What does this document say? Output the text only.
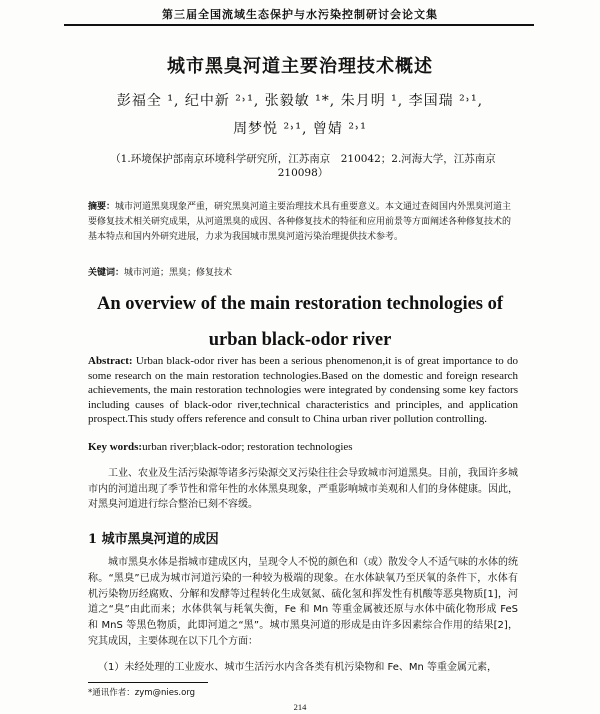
第三届全国流域生态保护与水污染控制研讨会论文集
城市黑臭河道主要治理技术概述
彭福全 ¹, 纪中新 ²˒¹, 张毅敏 ¹*, 朱月明 ¹, 李国瑞 ²˒¹,
周梦悦 ²˒¹, 曾婧 ²˒¹
（1.环境保护部南京环境科学研究所，江苏南京　210042；2.河海大学，江苏南京　210098）
摘要：城市河道黑臭现象严重，研究黑臭河道主要治理技术具有重要意义。本文通过查阅国内外黑臭河道主要修复技术相关研究成果，从河道黑臭的成因、各种修复技术的特征和应用前景等方面阐述各种修复技术的基本特点和国内外研究进展，力求为我国城市黑臭河道污染治理提供技术参考。
关键词：城市河道；黑臭；修复技术
An overview of the main restoration technologies of
urban black-odor river
Abstract: Urban black-odor river has been a serious phenomenon,it is of great importance to do some research on the main restoration technologies.Based on the domestic and foreign research achievements, the main restoration technologies were integrated by condensing some key factors including causes of black-odor river,technical characteristics and principles, and application prospect.This study offers reference and consult to China urban river pollution controlling.
Key words:urban river;black-odor; restoration technologies
工业、农业及生活污染源等诸多污染源交叉污染往往会导致城市河道黑臭。目前，我国许多城市内的河道出现了季节性和常年性的水体黑臭现象，严重影响城市美观和人们的身体健康。因此，对黑臭河道进行综合整治已刻不容缓。
1 城市黑臭河道的成因
城市黑臭水体是指城市建成区内，呈现令人不悦的颜色和（或）散发令人不适气味的水体的统称。“黑臭”已成为城市河道污染的一种较为极端的现象。在水体缺氧乃至厌氧的条件下，水体有机污染物历经腐败、分解和发酵等过程转化生成氨氮、硫化氢和挥发性有机酸等恶臭物质[1]，河道之“臭”由此而来；水体供氧与耗氧失衡，Fe 和 Mn 等重金属被还原与水体中硫化物形成 FeS 和 MnS 等黑色物质，此即河道之“黑”。城市黑臭河道的形成是由许多因素综合作用的结果[2]，究其成因，主要体现在以下几个方面：
（1）未经处理的工业废水、城市生活污水内含各类有机污染物和 Fe、Mn 等重金属元素，
*通讯作者：zym@nies.org
214
